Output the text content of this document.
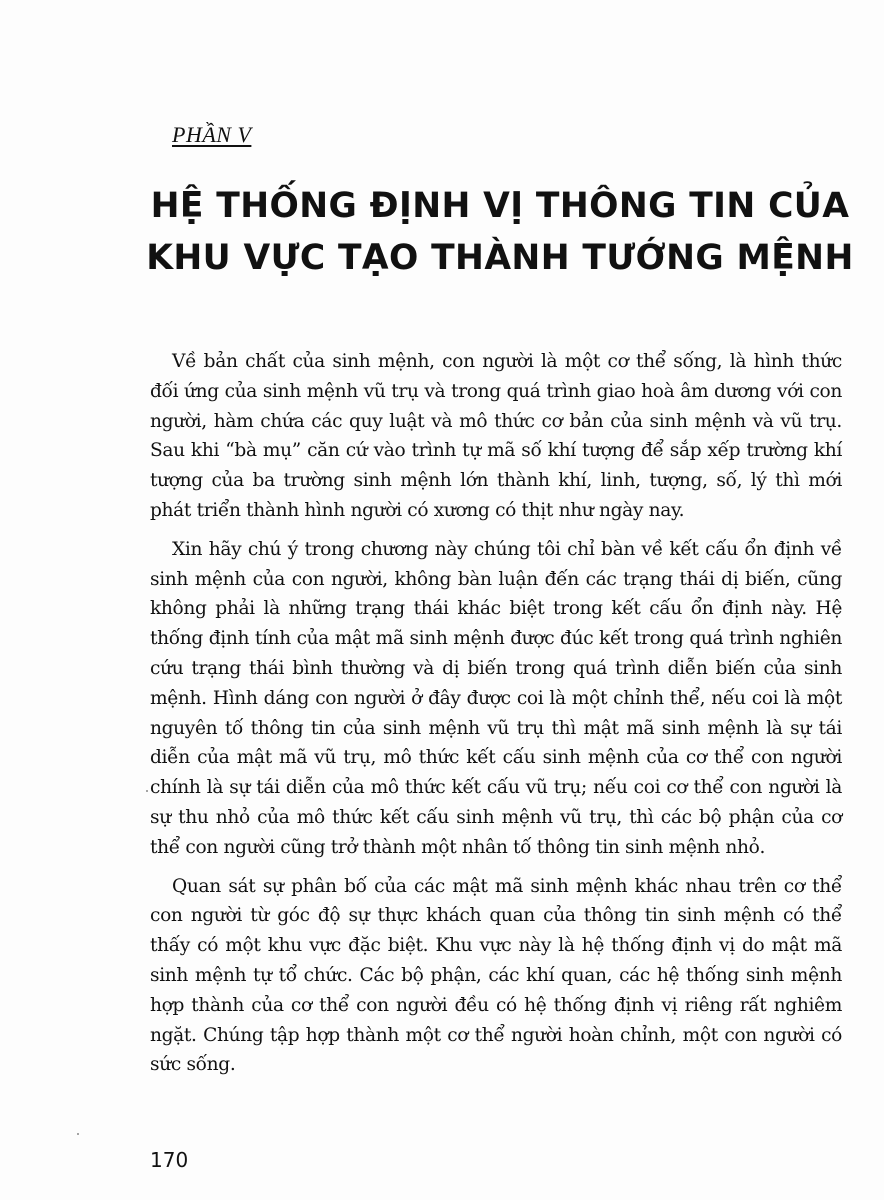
PHẦN V
HỆ THỐNG ĐỊNH VỊ THÔNG TIN CỦA
KHU VỰC TẠO THÀNH TƯỚNG MỆNH

Về bản chất của sinh mệnh, con người là một cơ thể sống, là hình thức đối ứng của sinh mệnh vũ trụ và trong quá trình giao hoà âm dương với con người, hàm chứa các quy luật và mô thức cơ bản của sinh mệnh và vũ trụ. Sau khi “bà mụ” căn cứ vào trình tự mã số khí tượng để sắp xếp trường khí tượng của ba trường sinh mệnh lớn thành khí, linh, tượng, số, lý thì mới phát triển thành hình người có xương có thịt như ngày nay.

Xin hãy chú ý trong chương này chúng tôi chỉ bàn về kết cấu ổn định về sinh mệnh của con người, không bàn luận đến các trạng thái dị biến, cũng không phải là những trạng thái khác biệt trong kết cấu ổn định này. Hệ thống định tính của mật mã sinh mệnh được đúc kết trong quá trình nghiên cứu trạng thái bình thường và dị biến trong quá trình diễn biến của sinh mệnh. Hình dáng con người ở đây được coi là một chỉnh thể, nếu coi là một nguyên tố thông tin của sinh mệnh vũ trụ thì mật mã sinh mệnh là sự tái diễn của mật mã vũ trụ, mô thức kết cấu sinh mệnh của cơ thể con người chính là sự tái diễn của mô thức kết cấu vũ trụ; nếu coi cơ thể con người là sự thu nhỏ của mô thức kết cấu sinh mệnh vũ trụ, thì các bộ phận của cơ thể con người cũng trở thành một nhân tố thông tin sinh mệnh nhỏ.

Quan sát sự phân bố của các mật mã sinh mệnh khác nhau trên cơ thể con người từ góc độ sự thực khách quan của thông tin sinh mệnh có thể thấy có một khu vực đặc biệt. Khu vực này là hệ thống định vị do mật mã sinh mệnh tự tổ chức. Các bộ phận, các khí quan, các hệ thống sinh mệnh hợp thành của cơ thể con người đều có hệ thống định vị riêng rất nghiêm ngặt. Chúng tập hợp thành một cơ thể người hoàn chỉnh, một con người có sức sống.

170
